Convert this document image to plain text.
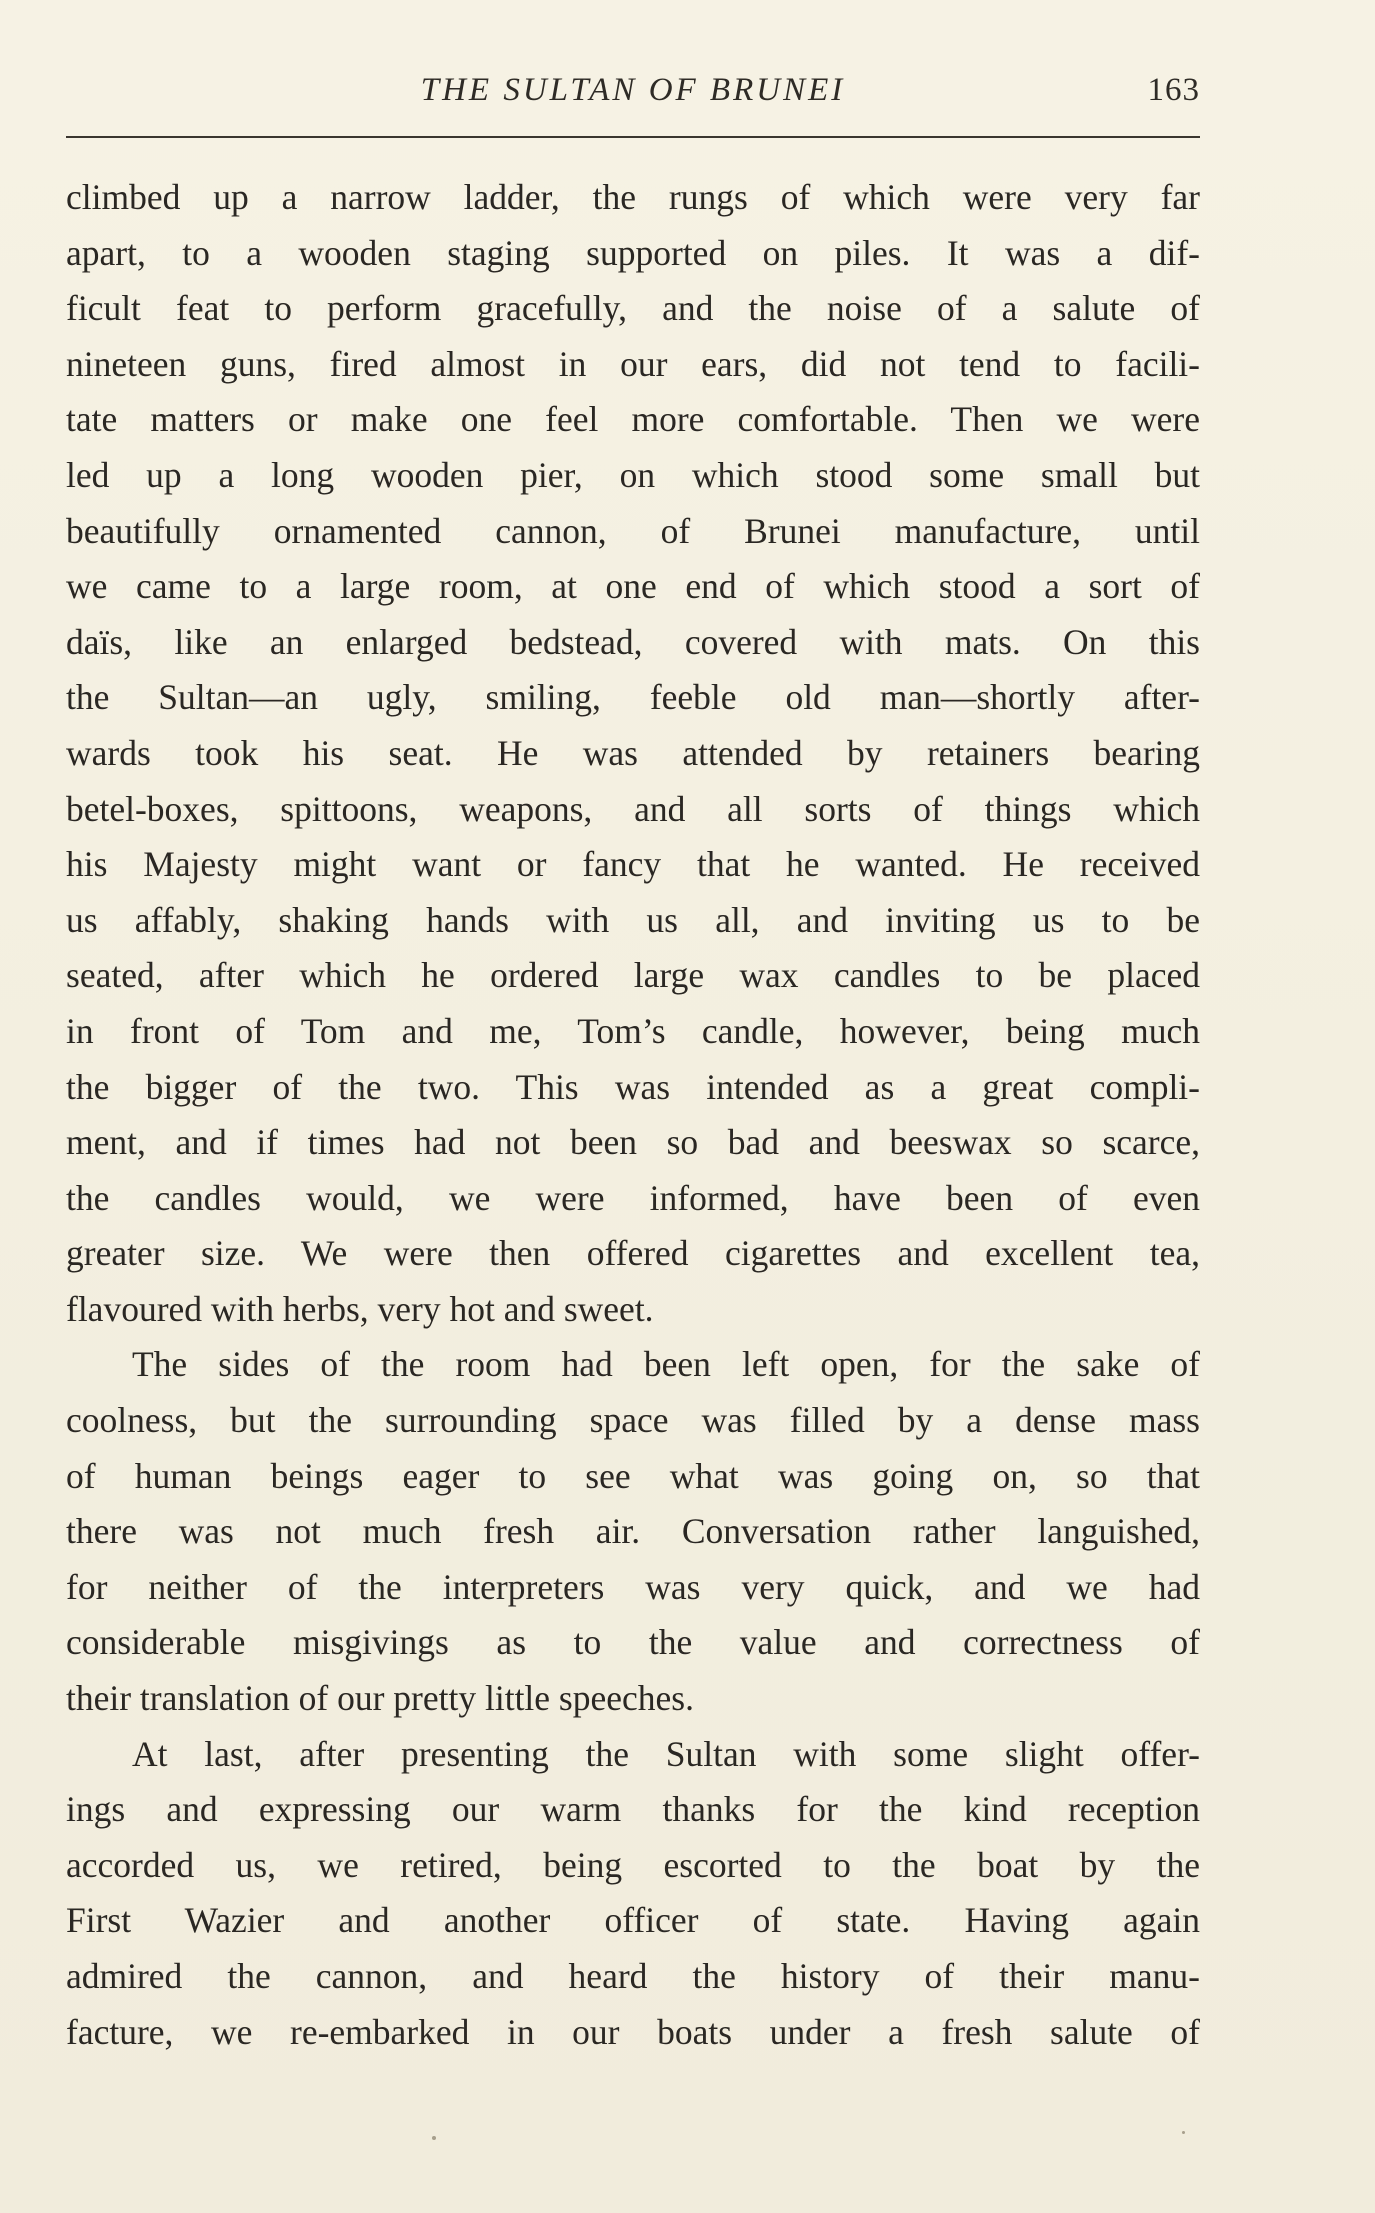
THE SULTAN OF BRUNEI	163
climbed up a narrow ladder, the rungs of which were very far
apart, to a wooden staging supported on piles. It was a dif-
ficult feat to perform gracefully, and the noise of a salute of
nineteen guns, fired almost in our ears, did not tend to facili-
tate matters or make one feel more comfortable. Then we were
led up a long wooden pier, on which stood some small but
beautifully ornamented cannon, of Brunei manufacture, until
we came to a large room, at one end of which stood a sort of
daïs, like an enlarged bedstead, covered with mats. On this
the Sultan—an ugly, smiling, feeble old man—shortly after-
wards took his seat. He was attended by retainers bearing
betel-boxes, spittoons, weapons, and all sorts of things which
his Majesty might want or fancy that he wanted. He received
us affably, shaking hands with us all, and inviting us to be
seated, after which he ordered large wax candles to be placed
in front of Tom and me, Tom’s candle, however, being much
the bigger of the two. This was intended as a great compli-
ment, and if times had not been so bad and beeswax so scarce,
the candles would, we were informed, have been of even
greater size. We were then offered cigarettes and excellent tea,
flavoured with herbs, very hot and sweet.
The sides of the room had been left open, for the sake of
coolness, but the surrounding space was filled by a dense mass
of human beings eager to see what was going on, so that
there was not much fresh air. Conversation rather languished,
for neither of the interpreters was very quick, and we had
considerable misgivings as to the value and correctness of
their translation of our pretty little speeches.
At last, after presenting the Sultan with some slight offer-
ings and expressing our warm thanks for the kind reception
accorded us, we retired, being escorted to the boat by the
First Wazier and another officer of state. Having again
admired the cannon, and heard the history of their manu-
facture, we re-embarked in our boats under a fresh salute of
